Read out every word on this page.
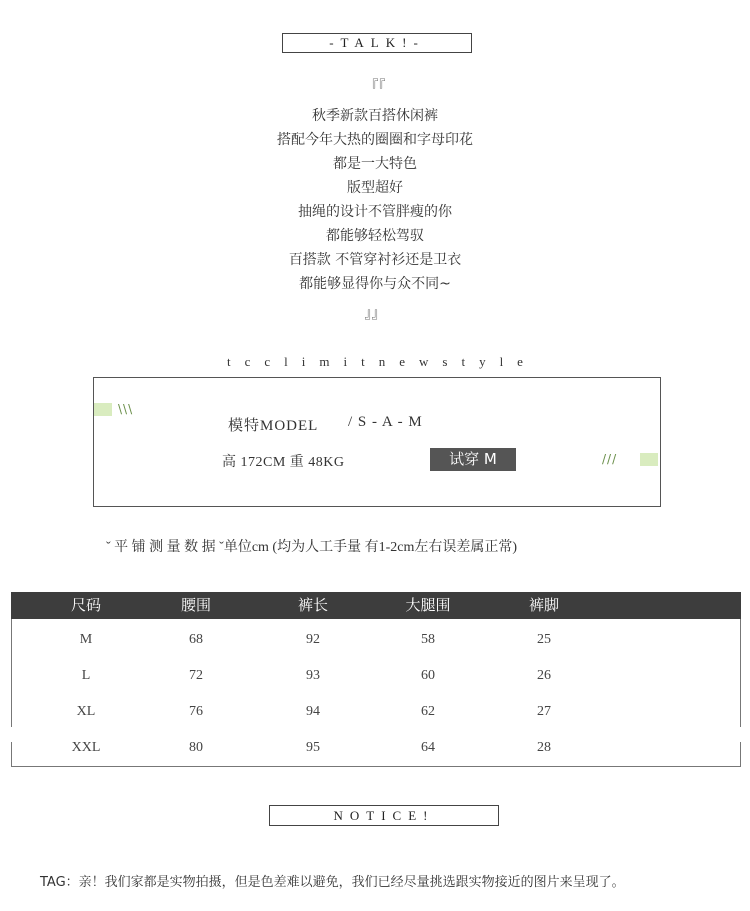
-TALK!-
『『
秋季新款百搭休闲裤
搭配今年大热的圈圈和字母印花
都是一大特色
版型超好
抽绳的设计不管胖瘦的你
都能够轻松驾驭
百搭款 不管穿衬衫还是卫衣
都能够显得你与众不同~
』』
tcclimitnewstyle
\\\
模特MODEL / S - A - M
高 172CM 重 48KG	试穿 M	///
ˇ 平 铺 测 量 数 据 ˇ单位cm (均为人工手量 有1-2cm左右误差属正常)
尺码	腰围	裤长	大腿围	裤脚
M	68	92	58	25
L	72	93	60	26
XL	76	94	62	27
XXL	80	95	64	28
NOTICE!
TAG：亲！我们家都是实物拍摄，但是色差难以避免，我们已经尽量挑选跟实物接近的图片来呈现了。
